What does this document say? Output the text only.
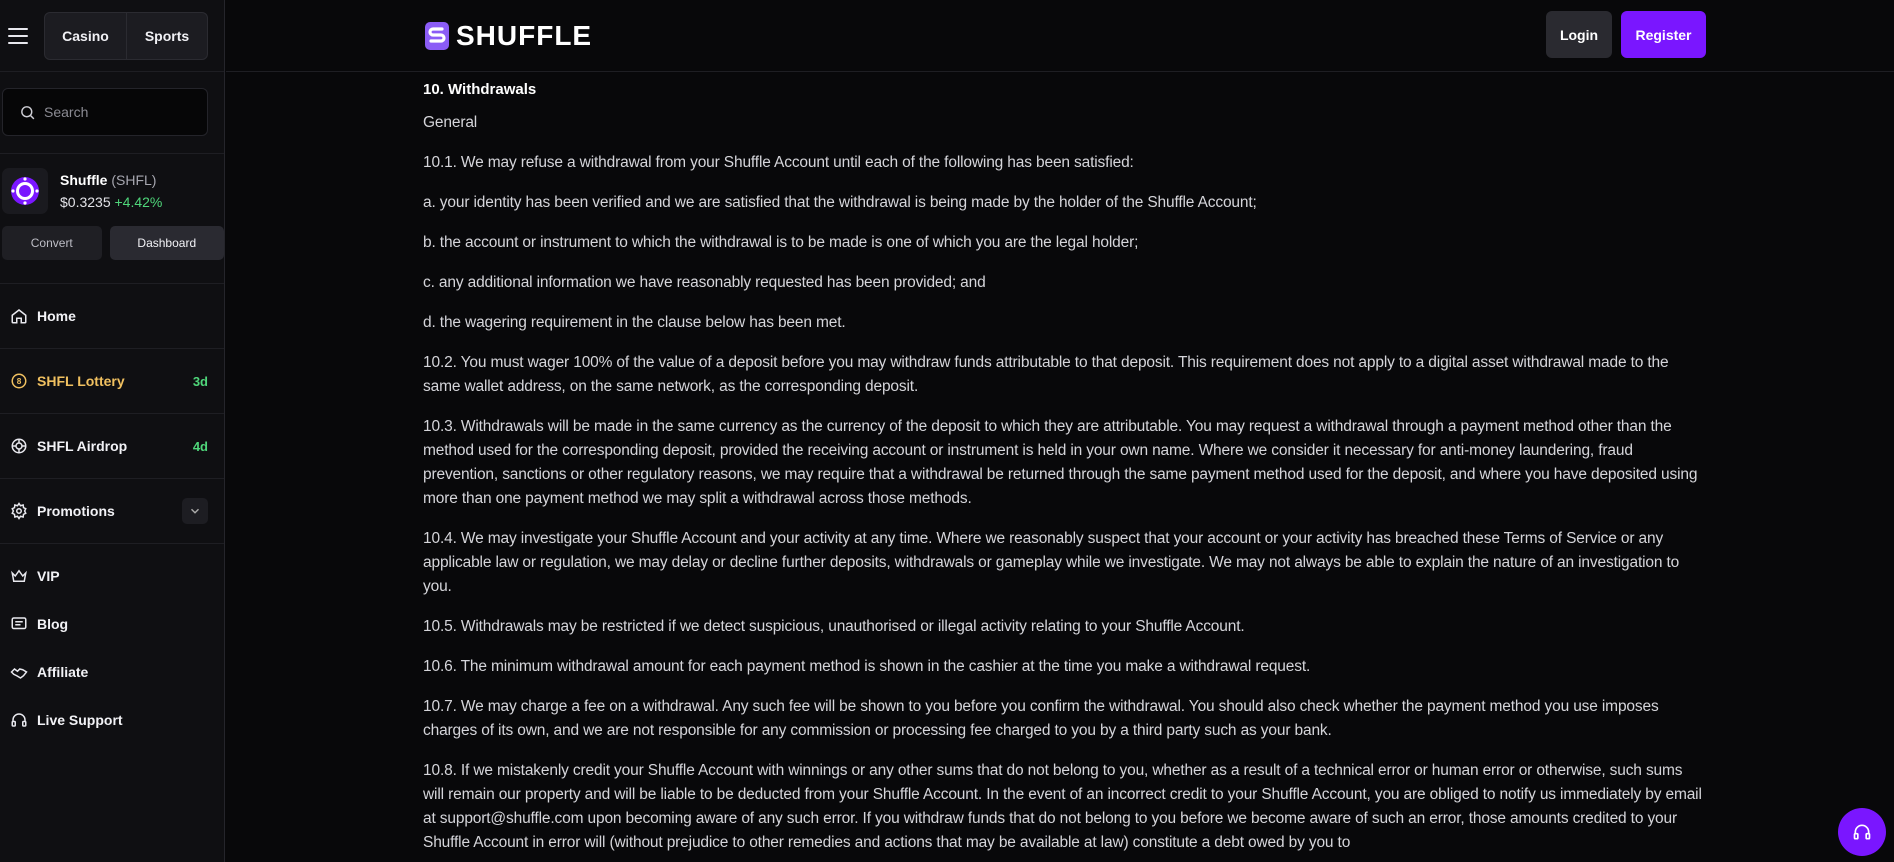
Casino	Sports
Search
Shuffle (SHFL)
$0.3235 +4.42%
Convert	Dashboard
Home
8 SHFL Lottery	3d
SHFL Airdrop	4d
Promotions
VIP
Blog
Affiliate
Live Support
SHUFFLE	Login	Register
10. Withdrawals

General

10.1. We may refuse a withdrawal from your Shuffle Account until each of the following has been satisfied:

a. your identity has been verified and we are satisfied that the withdrawal is being made by the holder of the Shuffle Account;

b. the account or instrument to which the withdrawal is to be made is one of which you are the legal holder;

c. any additional information we have reasonably requested has been provided; and

d. the wagering requirement in the clause below has been met.

10.2. You must wager 100% of the value of a deposit before you may withdraw funds attributable to that deposit. This requirement does not apply to a digital asset withdrawal made to the same wallet address, on the same network, as the corresponding deposit.

10.3. Withdrawals will be made in the same currency as the currency of the deposit to which they are attributable. You may request a withdrawal through a payment method other than the method used for the corresponding deposit, provided the receiving account or instrument is held in your own name. Where we consider it necessary for anti-money laundering, fraud prevention, sanctions or other regulatory reasons, we may require that a withdrawal be returned through the same payment method used for the deposit, and where you have deposited using more than one payment method we may split a withdrawal across those methods.

10.4. We may investigate your Shuffle Account and your activity at any time. Where we reasonably suspect that your account or your activity has breached these Terms of Service or any applicable law or regulation, we may delay or decline further deposits, withdrawals or gameplay while we investigate. We may not always be able to explain the nature of an investigation to you.

10.5. Withdrawals may be restricted if we detect suspicious, unauthorised or illegal activity relating to your Shuffle Account.

10.6. The minimum withdrawal amount for each payment method is shown in the cashier at the time you make a withdrawal request.

10.7. We may charge a fee on a withdrawal. Any such fee will be shown to you before you confirm the withdrawal. You should also check whether the payment method you use imposes charges of its own, and we are not responsible for any commission or processing fee charged to you by a third party such as your bank.

10.8. If we mistakenly credit your Shuffle Account with winnings or any other sums that do not belong to you, whether as a result of a technical error or human error or otherwise, such sums will remain our property and will be liable to be deducted from your Shuffle Account. In the event of an incorrect credit to your Shuffle Account, you are obliged to notify us immediately by email at support@shuffle.com upon becoming aware of any such error. If you withdraw funds that do not belong to you before we become aware of such an error, those amounts credited to your Shuffle Account in error will (without prejudice to other remedies and actions that may be available at law) constitute a debt owed by you to
